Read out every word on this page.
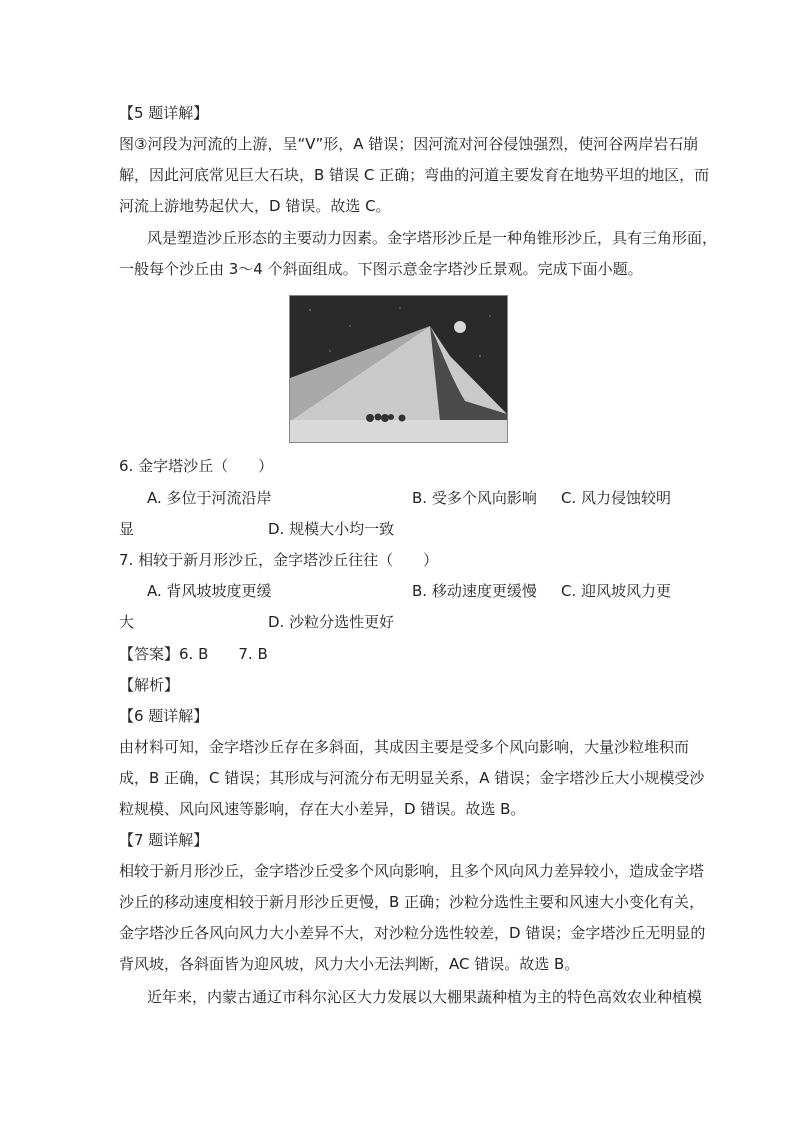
【5 题详解】
图③河段为河流的上游，呈“V”形，A 错误；因河流对河谷侵蚀强烈，使河谷两岸岩石崩
解，因此河底常见巨大石块，B 错误 C 正确；弯曲的河道主要发育在地势平坦的地区，而
河流上游地势起伏大，D 错误。故选 C。
风是塑造沙丘形态的主要动力因素。金字塔形沙丘是一种角锥形沙丘，具有三角形面，
一般每个沙丘由 3～4 个斜面组成。下图示意金字塔沙丘景观。完成下面小题。
6. 金字塔沙丘（　　）
A. 多位于河流沿岸	B. 受多个风向影响 C. 风力侵蚀较明
显	D. 规模大小均一致
7. 相较于新月形沙丘，金字塔沙丘往往（　　）
A. 背风坡坡度更缓	B. 移动速度更缓慢 C. 迎风坡风力更
大	D. 沙粒分选性更好
【答案】6. B　　7. B
【解析】
【6 题详解】
由材料可知，金字塔沙丘存在多斜面，其成因主要是受多个风向影响，大量沙粒堆积而
成，B 正确，C 错误；其形成与河流分布无明显关系，A 错误；金字塔沙丘大小规模受沙
粒规模、风向风速等影响，存在大小差异，D 错误。故选 B。
【7 题详解】
相较于新月形沙丘，金字塔沙丘受多个风向影响，且多个风向风力差异较小，造成金字塔
沙丘的移动速度相较于新月形沙丘更慢，B 正确；沙粒分选性主要和风速大小变化有关，
金字塔沙丘各风向风力大小差异不大，对沙粒分选性较差，D 错误；金字塔沙丘无明显的
背风坡，各斜面皆为迎风坡，风力大小无法判断，AC 错误。故选 B。
近年来，内蒙古通辽市科尔沁区大力发展以大棚果蔬种植为主的特色高效农业种植模
